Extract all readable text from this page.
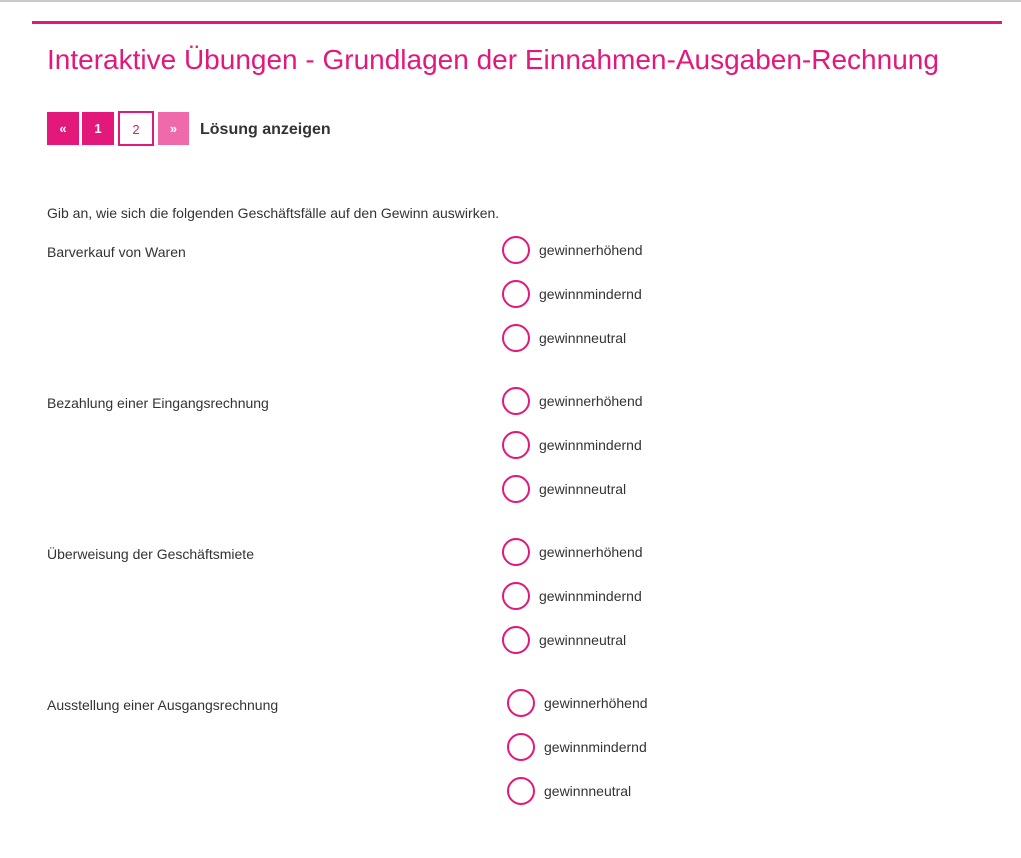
Interaktive Übungen - Grundlagen der Einnahmen-Ausgaben-Rechnung
«	1	2	»	Lösung anzeigen
Gib an, wie sich die folgenden Geschäftsfälle auf den Gewinn auswirken.
Barverkauf von Waren	gewinnerhöhend
gewinnmindernd
gewinnneutral
Bezahlung einer Eingangsrechnung	gewinnerhöhend
gewinnmindernd
gewinnneutral
Überweisung der Geschäftsmiete	gewinnerhöhend
gewinnmindernd
gewinnneutral
Ausstellung einer Ausgangsrechnung	gewinnerhöhend
gewinnmindernd
gewinnneutral
